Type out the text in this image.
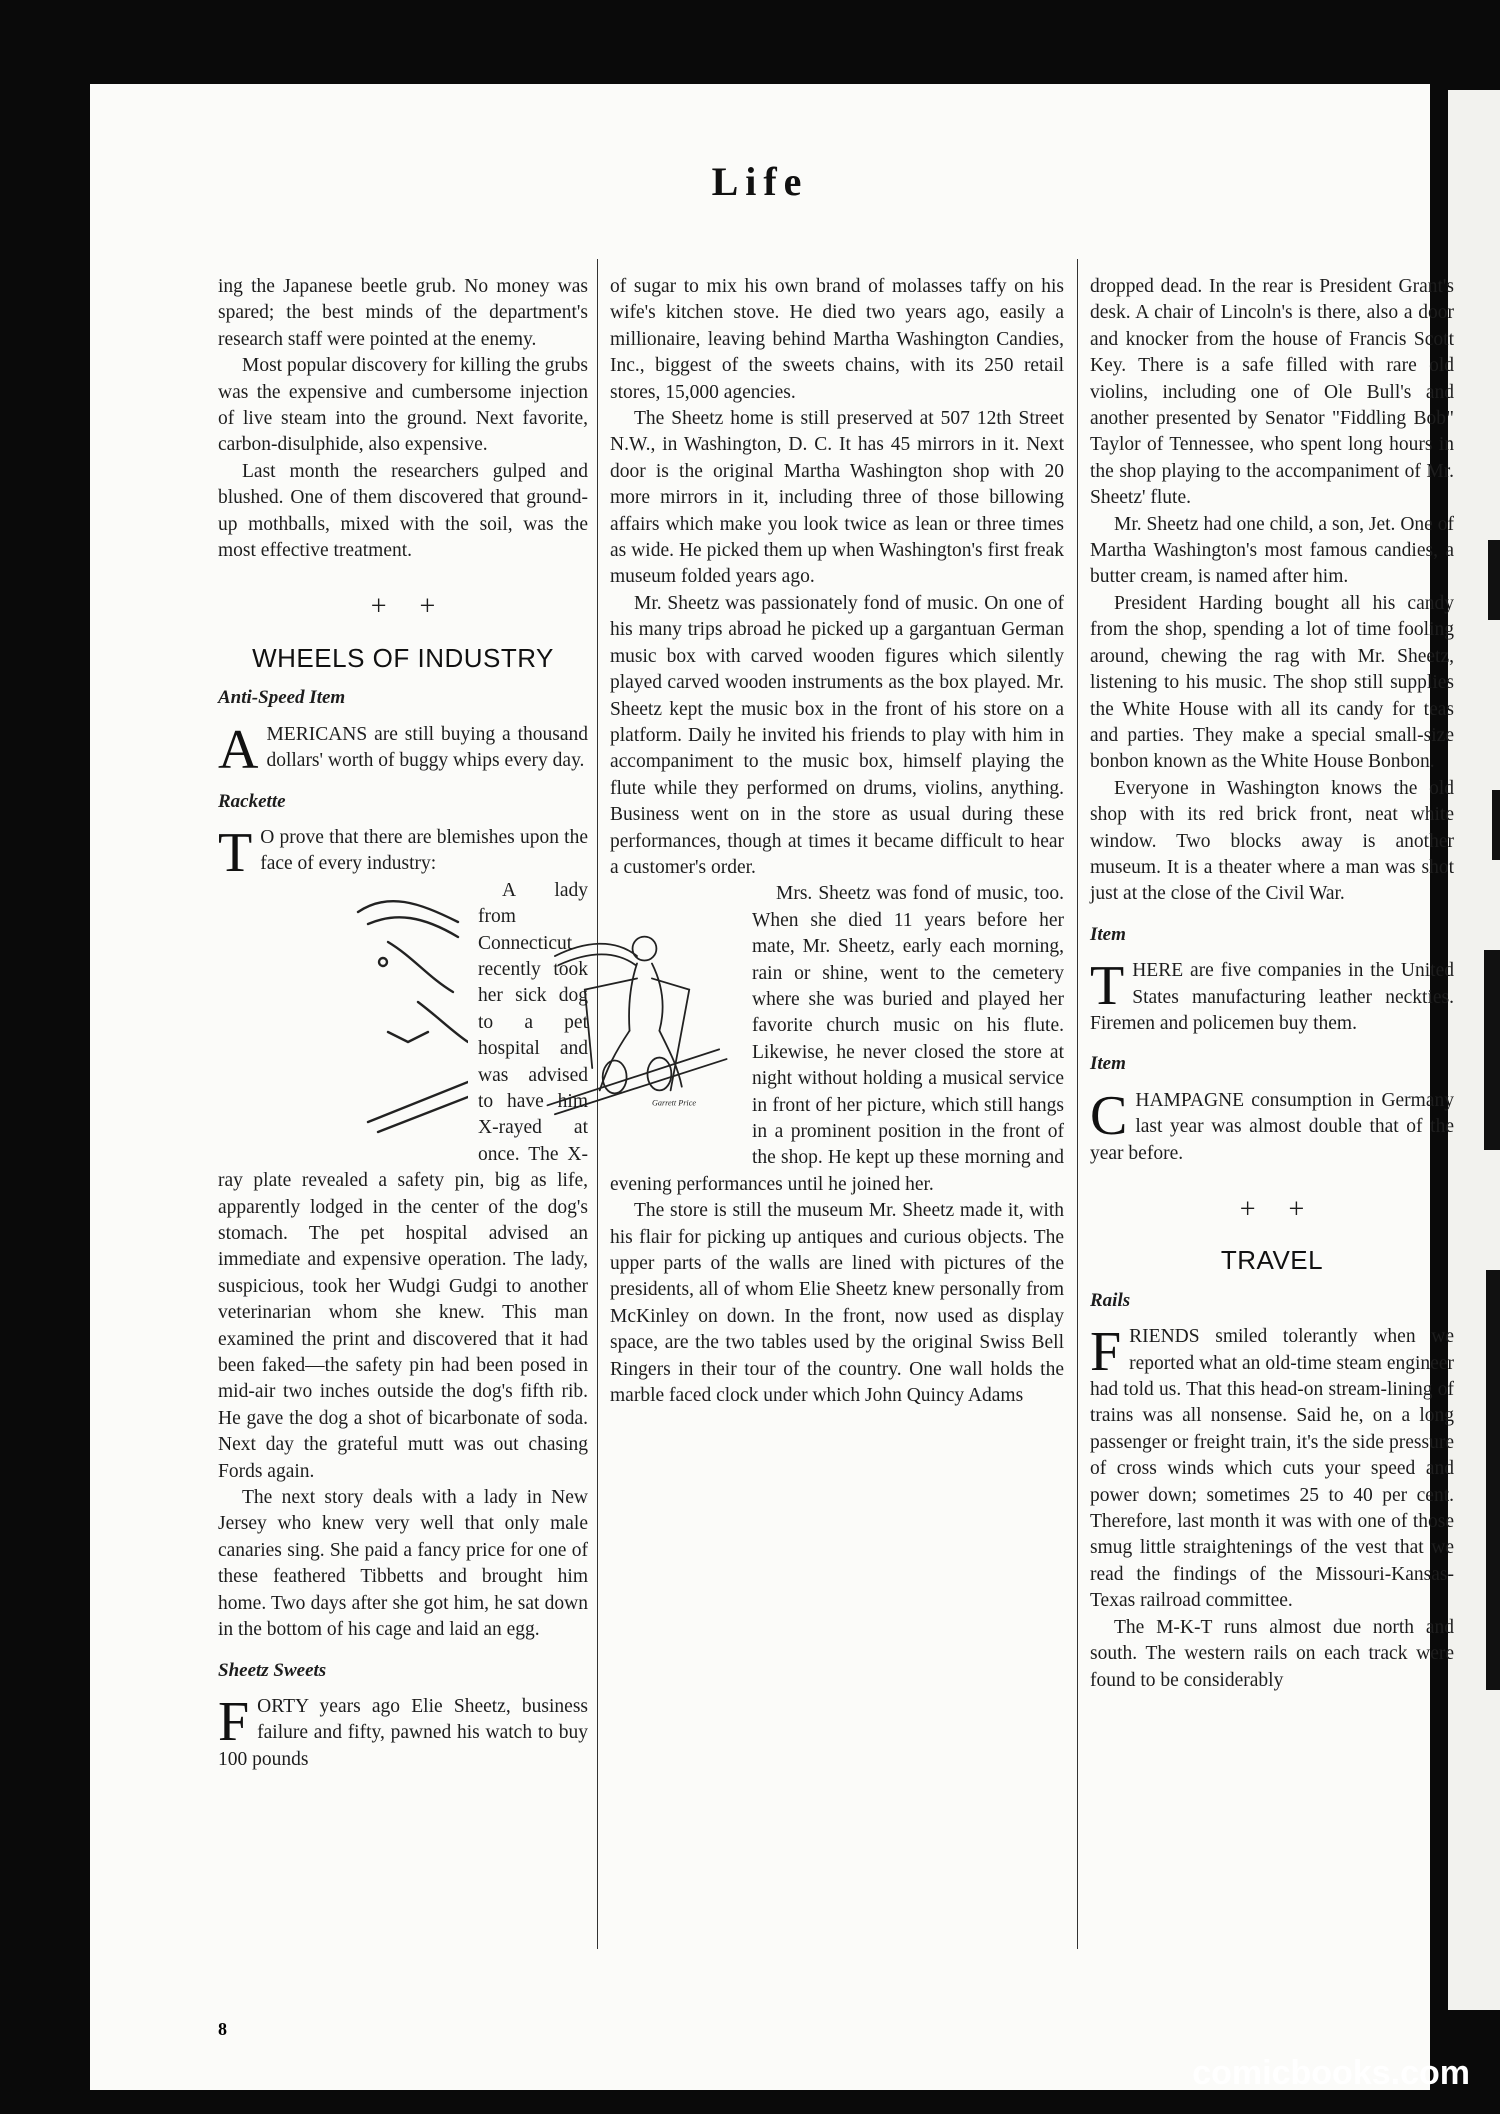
Life

ing the Japanese beetle grub. No money was spared; the best minds of the department's research staff were pointed at the enemy.

Most popular discovery for killing the grubs was the expensive and cumbersome injection of live steam into the ground. Next favorite, carbon-disulphide, also expensive.

Last month the researchers gulped and blushed. One of them discovered that ground-up mothballs, mixed with the soil, was the most effective treatment.

+ +
WHEELS OF INDUSTRY
Anti-Speed Item

AMERICANS are still buying a thousand dollars' worth of buggy whips every day.

Rackette

T O prove that there are blemishes upon the face of every industry:

A lady from Connecticut recently took her sick dog to a pet hospital and was advised to have him X-rayed at once. The X-ray plate revealed a safety pin, big as life, apparently lodged in the center of the dog's stomach. The pet hospital advised an immediate and expensive operation. The lady, suspicious, took her Wudgi Gudgi to another veterinarian whom she knew. This man examined the print and discovered that it had been faked—the safety pin had been posed in mid-air two inches outside the dog's fifth rib. He gave the dog a shot of bicarbonate of soda. Next day the grateful mutt was out chasing Fords again.

The next story deals with a lady in New Jersey who knew very well that only male canaries sing. She paid a fancy price for one of these feathered Tibbetts and brought him home. Two days after she got him, he sat down in the bottom of his cage and laid an egg.

Sheetz Sweets

FORTY years ago Elie Sheetz, business failure and fifty, pawned his watch to buy 100 pounds

of sugar to mix his own brand of molasses taffy on his wife's kitchen stove. He died two years ago, easily a millionaire, leaving behind Martha Washington Candies, Inc., biggest of the sweets chains, with its 250 retail stores, 15,000 agencies.

The Sheetz home is still preserved at 507 12th Street N.W., in Washington, D. C. It has 45 mirrors in it. Next door is the original Martha Washington shop with 20 more mirrors in it, including three of those billowing affairs which make you look twice as lean or three times as wide. He picked them up when Washington's first freak museum folded years ago.

Mr. Sheetz was passionately fond of music. On one of his many trips abroad he picked up a gargantuan German music box with carved wooden figures which silently played carved wooden instruments as the box played. Mr. Sheetz kept the music box in the front of his store on a platform. Daily he invited his friends to play with him in accompaniment to the music box, himself playing the flute while they performed on drums, violins, anything. Business went on in the store as usual during these performances, though at times it became difficult to hear a customer's order.

Garrett Price

Mrs. Sheetz was fond of music, too. When she died 11 years before her mate, Mr. Sheetz, early each morning, rain or shine, went to the cemetery where she was buried and played her favorite church music on his flute. Likewise, he never closed the store at night without holding a musical service in front of her picture, which still hangs in a prominent position in the front of the shop. He kept up these morning and evening performances until he joined her.

The store is still the museum Mr. Sheetz made it, with his flair for picking up antiques and curious objects. The upper parts of the walls are lined with pictures of the presidents, all of whom Elie Sheetz knew personally from McKinley on down. In the front, now used as display space, are the two tables used by the original Swiss Bell Ringers in their tour of the country. One wall holds the marble faced clock under which John Quincy Adams

dropped dead. In the rear is President Grant's desk. A chair of Lincoln's is there, also a door and knocker from the house of Francis Scott Key. There is a safe filled with rare old violins, including one of Ole Bull's and another presented by Senator "Fiddling Bob" Taylor of Tennessee, who spent long hours in the shop playing to the accompaniment of Mr. Sheetz' flute.

Mr. Sheetz had one child, a son, Jet. One of Martha Washington's most famous candies, a butter cream, is named after him.

President Harding bought all his candy from the shop, spending a lot of time fooling around, chewing the rag with Mr. Sheetz, listening to his music. The shop still supplies the White House with all its candy for teas and parties. They make a special small-size bonbon known as the White House Bonbon.

Everyone in Washington knows the old shop with its red brick front, neat white window. Two blocks away is another museum. It is a theater where a man was shot just at the close of the Civil War.

Item

THERE are five companies in the United States manufacturing leather neckties. Firemen and policemen buy them.

Item

CHAMPAGNE consumption in Germany last year was almost double that of the year before.

+ +
TRAVEL
Rails

FRIENDS smiled tolerantly when we reported what an old-time steam engineer had told us. That this head-on stream-lining of trains was all nonsense. Said he, on a long passenger or freight train, it's the side pressure of cross winds which cuts your speed and power down; sometimes 25 to 40 per cent. Therefore, last month it was with one of those smug little straightenings of the vest that we read the findings of the Missouri-Kansas-Texas railroad committee.

The M-K-T runs almost due north and south. The western rails on each track were found to be considerably

8
comicbooks.com
